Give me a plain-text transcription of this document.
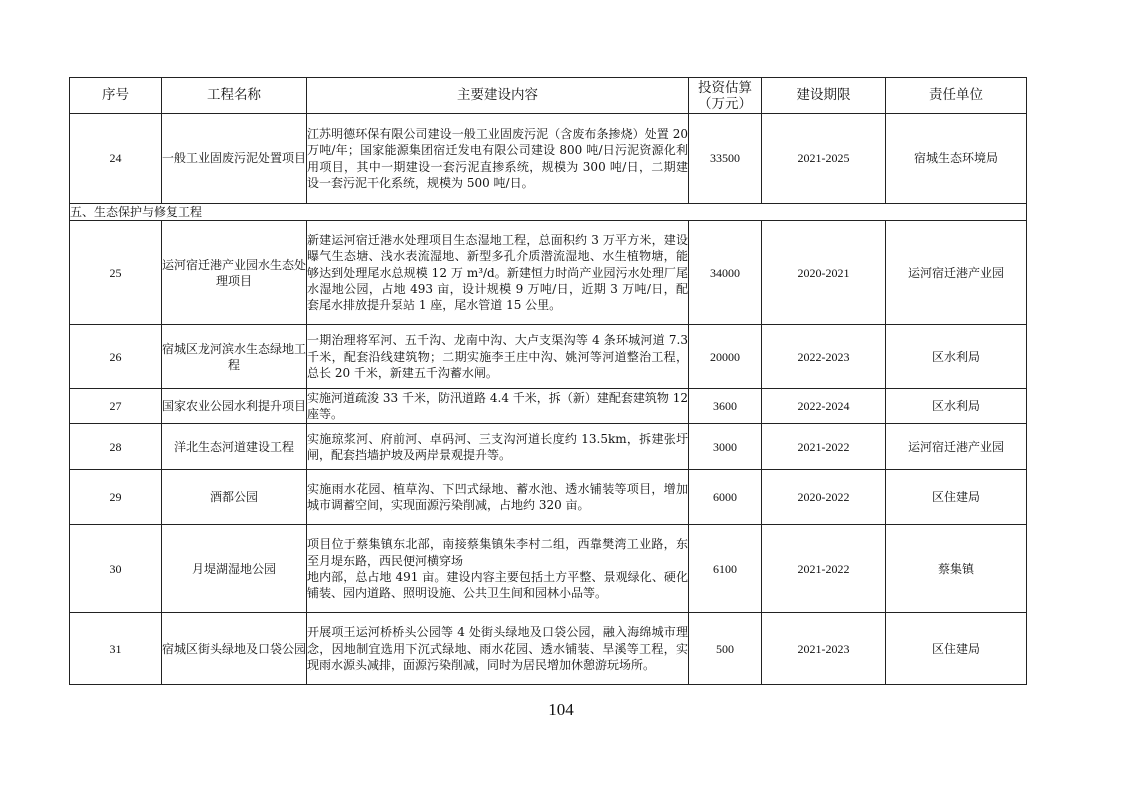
序号	工程名称	主要建设内容	投资估算（万元）	建设期限	责任单位
24	一般工业固废污泥处置项目	江苏明德环保有限公司建设一般工业固废污泥（含废布条掺烧）处置 20 万吨/年；国家能源集团宿迁发电有限公司建设 800 吨/日污泥资源化利用项目，其中一期建设一套污泥直掺系统，规模为 300 吨/日，二期建设一套污泥干化系统，规模为 500 吨/日。	33500	2021-2025	宿城生态环境局
五、生态保护与修复工程					
25	运河宿迁港产业园水生态处理项目	新建运河宿迁港水处理项目生态湿地工程，总面积约 3 万平方米，建设曝气生态塘、浅水表流湿地、新型多孔介质潜流湿地、水生植物塘，能够达到处理尾水总规模 12 万 m³/d。新建恒力时尚产业园污水处理厂尾水湿地公园，占地 493 亩，设计规模 9 万吨/日，近期 3 万吨/日，配套尾水排放提升泵站 1 座，尾水管道 15 公里。	34000	2020-2021	运河宿迁港产业园
26	宿城区龙河滨水生态绿地工程	一期治理将军河、五千沟、龙南中沟、大卢支渠沟等 4 条环城河道 7.3 千米，配套沿线建筑物；二期实施李王庄中沟、姚河等河道整治工程，总长 20 千米，新建五千沟蓄水闸。	20000	2022-2023	区水利局
27	国家农业公园水利提升项目	实施河道疏浚 33 千米，防汛道路 4.4 千米，拆（新）建配套建筑物 12 座等。	3600	2022-2024	区水利局
28	洋北生态河道建设工程	实施琼浆河、府前河、卓码河、三支沟河道长度约 13.5km，拆建张圩闸，配套挡墙护坡及两岸景观提升等。	3000	2021-2022	运河宿迁港产业园
29	酒都公园	实施雨水花园、植草沟、下凹式绿地、蓄水池、透水铺装等项目，增加城市调蓄空间，实现面源污染削减，占地约 320 亩。	6000	2020-2022	区住建局
30	月堤湖湿地公园	项目位于蔡集镇东北部，南接蔡集镇朱李村二组，西靠樊湾工业路，东至月堤东路，西民便河横穿场
地内部，总占地 491 亩。建设内容主要包括土方平整、景观绿化、硬化铺装、园内道路、照明设施、公共卫生间和园林小品等。	6100	2021-2022	蔡集镇
31	宿城区街头绿地及口袋公园	开展项王运河桥桥头公园等 4 处街头绿地及口袋公园，融入海绵城市理念，因地制宜选用下沉式绿地、雨水花园、透水铺装、旱溪等工程，实现雨水源头减排，面源污染削减，同时为居民增加休憩游玩场所。	500	2021-2023	区住建局
104
